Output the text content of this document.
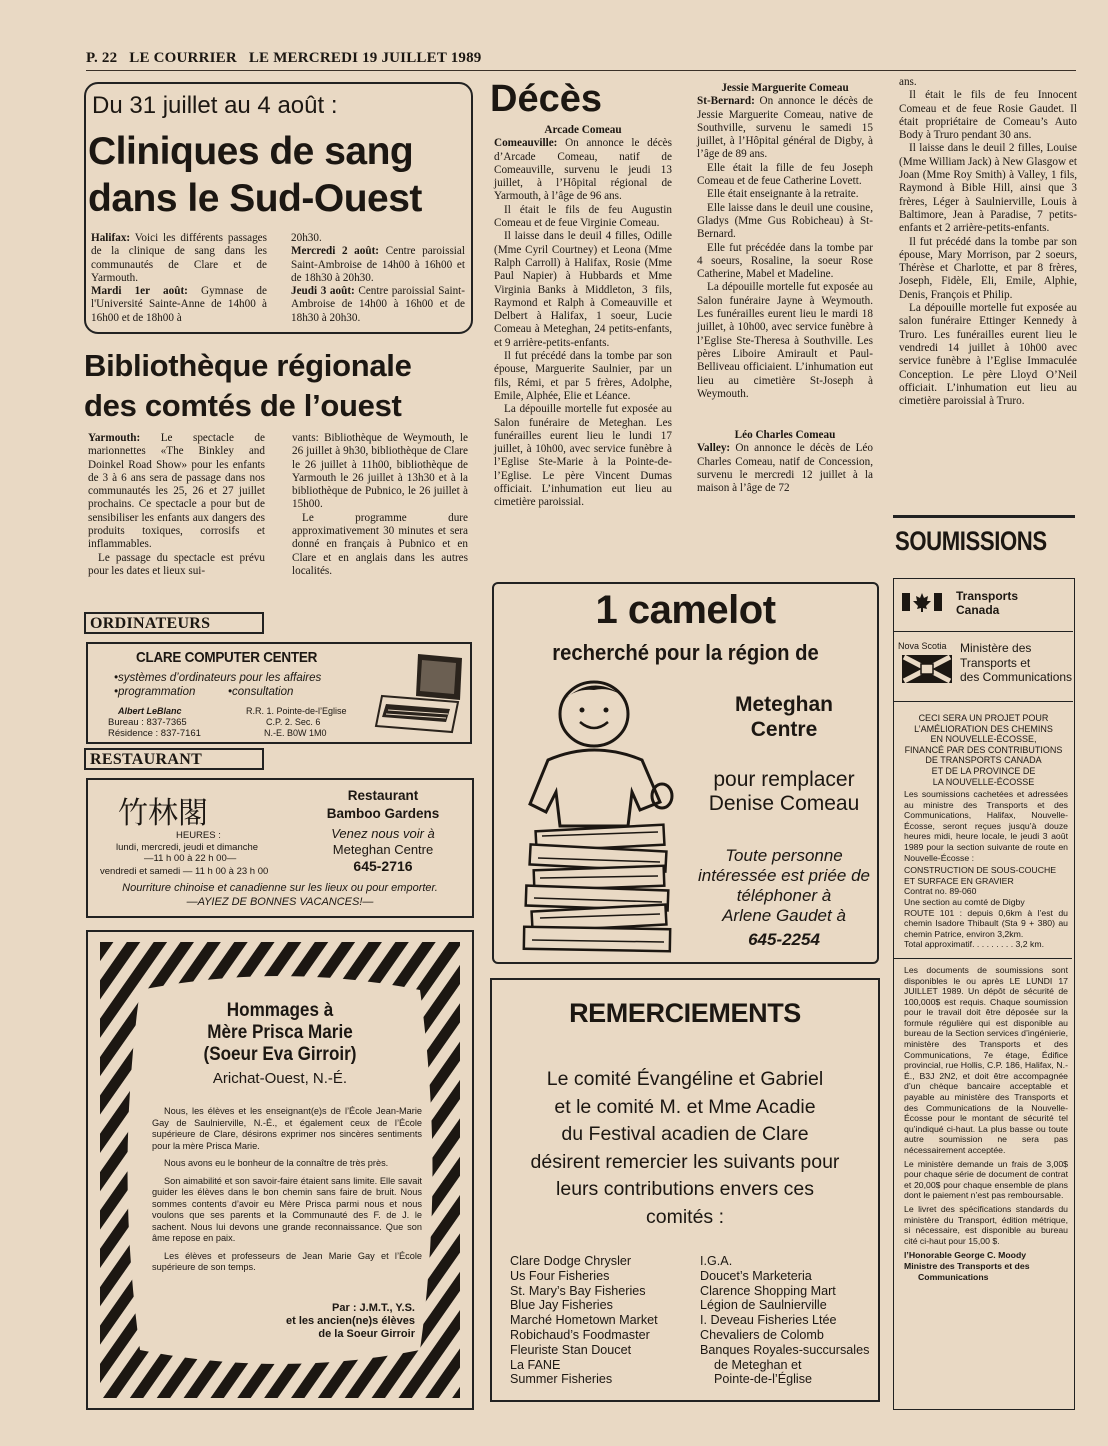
P. 22 LE COURRIER LE MERCREDI 19 JUILLET 1989
Du 31 juillet au 4 août :
Cliniques de sang
dans le Sud-Ouest

Halifax: Voici les différents passages de la clinique de sang dans les communautés de Clare et de Yarmouth.

Mardi 1er août: Gymnase de l'Université Sainte-Anne de 14h00 à 16h00 et de 18h00 à

20h30.

Mercredi 2 août: Centre paroissial Saint-Ambroise de 14h00 à 16h00 et de 18h30 à 20h30.

Jeudi 3 août: Centre paroissial Saint-Ambroise de 14h00 à 16h00 et de 18h30 à 20h30.

Bibliothèque régionale
des comtés de l’ouest

Yarmouth: Le spectacle de marionnettes «The Binkley and Doinkel Road Show» pour les enfants de 3 à 6 ans sera de passage dans nos communautés les 25, 26 et 27 juillet prochains. Ce spectacle a pour but de sensibiliser les enfants aux dangers des produits toxiques, corrosifs et inflammables.

Le passage du spectacle est prévu pour les dates et lieux sui-

vants: Bibliothèque de Weymouth, le 26 juillet à 9h30, bibliothèque de Clare le 26 juillet à 11h00, bibliothèque de Yarmouth le 26 juillet à 13h30 et à la bibliothèque de Pubnico, le 26 juillet à 15h00.

Le programme dure approximativement 30 minutes et sera donné en français à Pubnico et en Clare et en anglais dans les autres localités.

ORDINATEURS
CLARE COMPUTER CENTER
•systèmes d’ordinateurs pour les affaires
•programmation	•consultation
Albert LeBlanc
Bureau : 837-7365
Résidence : 837-7161
R.R. 1. Pointe-de-l’Eglise
C.P. 2. Sec. 6
N.-E. B0W 1M0
RESTAURANT
竹林閣
HEURES :
lundi, mercredi, jeudi et dimanche
—11 h 00 à 22 h 00—
vendredi et samedi — 11 h 00 à 23 h 00
Restaurant
Bamboo Gardens
Venez nous voir à
Meteghan Centre
645-2716
Nourriture chinoise et canadienne sur les lieux ou pour emporter.
—AYIEZ DE BONNES VACANCES!—
Hommages à
Mère Prisca Marie
(Soeur Eva Girroir)
Arichat-Ouest, N.-É.

Nous, les élèves et les enseignant(e)s de l’École Jean-Marie Gay de Saulnierville, N.-É., et également ceux de l’École supérieure de Clare, désirons exprimer nos sincères sentiments pour la mère Prisca Marie.

Nous avons eu le bonheur de la connaître de très près.

Son aimabilité et son savoir-faire étaient sans limite. Elle savait guider les élèves dans le bon chemin sans faire de bruit. Nous sommes contents d’avoir eu Mère Prisca parmi nous et nous voulons que ses parents et la Communauté des F. de J. le sachent. Nous lui devons une grande reconnaissance. Que son âme repose en paix.

Les élèves et professeurs de Jean Marie Gay et l’École supérieure de son temps.

Par : J.M.T., Y.S.
et les ancien(ne)s élèves
de la Soeur Girroir
Décès
Arcade Comeau

Comeauville: On annonce le décès d’Arcade Comeau, natif de Comeauville, survenu le jeudi 13 juillet, à l’Hôpital régional de Yarmouth, à l’âge de 96 ans.

Il était le fils de feu Augustin Comeau et de feue Virginie Comeau.

Il laisse dans le deuil 4 filles, Odille (Mme Cyril Courtney) et Leona (Mme Ralph Carroll) à Halifax, Rosie (Mme Paul Napier) à Hubbards et Mme Virginia Banks à Middleton, 3 fils, Raymond et Ralph à Comeauville et Delbert à Halifax, 1 soeur, Lucie Comeau à Meteghan, 24 petits-enfants, et 9 arrière-petits-enfants.

Il fut précédé dans la tombe par son épouse, Marguerite Saulnier, par un fils, Rémi, et par 5 frères, Adolphe, Emile, Alphée, Elie et Léance.

La dépouille mortelle fut exposée au Salon funéraire de Meteghan. Les funérailles eurent lieu le lundi 17 juillet, à 10h00, avec service funèbre à l’Eglise Ste-Marie à la Pointe-de-l’Eglise. Le père Vincent Dumas officiait. L’inhumation eut lieu au cimetière paroissial.

Jessie Marguerite Comeau

St-Bernard: On annonce le décès de Jessie Marguerite Comeau, native de Southville, survenu le samedi 15 juillet, à l’Hôpital général de Digby, à l’âge de 89 ans.

Elle était la fille de feu Joseph Comeau et de feue Catherine Lovett.

Elle était enseignante à la retraite.

Elle laisse dans le deuil une cousine, Gladys (Mme Gus Robicheau) à St-Bernard.

Elle fut précédée dans la tombe par 4 soeurs, Rosaline, la soeur Rose Catherine, Mabel et Madeline.

La dépouille mortelle fut exposée au Salon funéraire Jayne à Weymouth. Les funérailles eurent lieu le mardi 18 juillet, à 10h00, avec service funèbre à l’Eglise Ste-Theresa à Southville. Les pères Liboire Amirault et Paul-Belliveau officiaient. L’inhumation eut lieu au cimetière St-Joseph à Weymouth.

Léo Charles Comeau

Valley: On annonce le décès de Léo Charles Comeau, natif de Concession, survenu le mercredi 12 juillet à la maison à l’âge de 72

ans.

Il était le fils de feu Innocent Comeau et de feue Rosie Gaudet. Il était propriétaire de Comeau’s Auto Body à Truro pendant 30 ans.

Il laisse dans le deuil 2 filles, Louise (Mme William Jack) à New Glasgow et Joan (Mme Roy Smith) à Valley, 1 fils, Raymond à Bible Hill, ainsi que 3 frères, Léger à Saulnierville, Louis à Baltimore, Jean à Paradise, 7 petits-enfants et 2 arrière-petits-enfants.

Il fut précédé dans la tombe par son épouse, Mary Morrison, par 2 soeurs, Thérèse et Charlotte, et par 8 frères, Joseph, Fidèle, Eli, Emile, Alphie, Denis, François et Philip.

La dépouille mortelle fut exposée au salon funéraire Ettinger Kennedy à Truro. Les funérailles eurent lieu le vendredi 14 juillet à 10h00 avec service funèbre à l’Eglise Immaculée Conception. Le père Lloyd O’Neil officiait. L’inhumation eut lieu au cimetière paroissial à Truro.

1 camelot
recherché pour la région de
Meteghan
Centre
pour remplacer
Denise Comeau
Toute personne
intéressée est priée de
téléphoner à
Arlene Gaudet à
645-2254
REMERCIEMENTS
Le comité Évangéline et Gabriel
et le comité M. et Mme Acadie
du Festival acadien de Clare
désirent remercier les suivants pour
leurs contributions envers ces
comités :
Clare Dodge Chrysler
Us Four Fisheries
St. Mary’s Bay Fisheries
Blue Jay Fisheries
Marché Hometown Market
Robichaud’s Foodmaster
Fleuriste Stan Doucet
La FANE
Summer Fisheries
I.G.A.
Doucet’s Marketeria
Clarence Shopping Mart
Légion de Saulnierville
I. Deveau Fisheries Ltée
Chevaliers de Colomb
Banques Royales-succursales
de Meteghan et
Pointe-de-l’Église
SOUMISSIONS
Transports
Canada
Nova Scotia Ministère des
Transports et
des Communications
CECI SERA UN PROJET POUR
L’AMÉLIORATION DES CHEMINS
EN NOUVELLE-ÉCOSSE,
FINANCÉ PAR DES CONTRIBUTIONS
DE TRANSPORTS CANADA
ET DE LA PROVINCE DE
LA NOUVELLE-ÉCOSSE

Les soumissions cachetées et adressées au ministre des Transports et des Communications, Halifax, Nouvelle-Écosse, seront reçues jusqu’à douze heures midi, heure locale, le jeudi 3 août 1989 pour la section suivante de route en Nouvelle-Écosse :

CONSTRUCTION DE SOUS-COUCHE
ET SURFACE EN GRAVIER
Contrat no. 89-060
Une section au comté de Digby
ROUTE 101 : depuis 0,6km à l’est du chemin Isadore Thibault (Sta 9 + 380) au chemin Patrice, environ 3,2km.
Total approximatif. . . . . . . . . 3,2 km.

Les documents de soumissions sont disponibles le ou après LE LUNDI 17 JUILLET 1989. Un dépôt de sécurité de 100,000$ est requis. Chaque soumission pour le travail doit être déposée sur la formule régulière qui est disponible au bureau de la Section services d’ingénierie, ministère des Transports et des Communications, 7e étage, Édifice provincial, rue Hollis, C.P. 186, Halifax, N.-É., B3J 2N2, et doit être accompagnée d’un chèque bancaire acceptable et payable au ministère des Transports et des Communications de la Nouvelle-Écosse pour le montant de sécurité tel qu’indiqué ci-haut. La plus basse ou toute autre soumission ne sera pas nécessairement acceptée.

Le ministère demande un frais de 3,00$ pour chaque série de document de contrat et 20,00$ pour chaque ensemble de plans dont le paiement n’est pas remboursable.

Le livret des spécifications standards du ministère du Transport, édition métrique, si nécessaire, est disponible au bureau cité ci-haut pour 15,00 $.

l’Honorable George C. Moody
Ministre des Transports et des
Communications
